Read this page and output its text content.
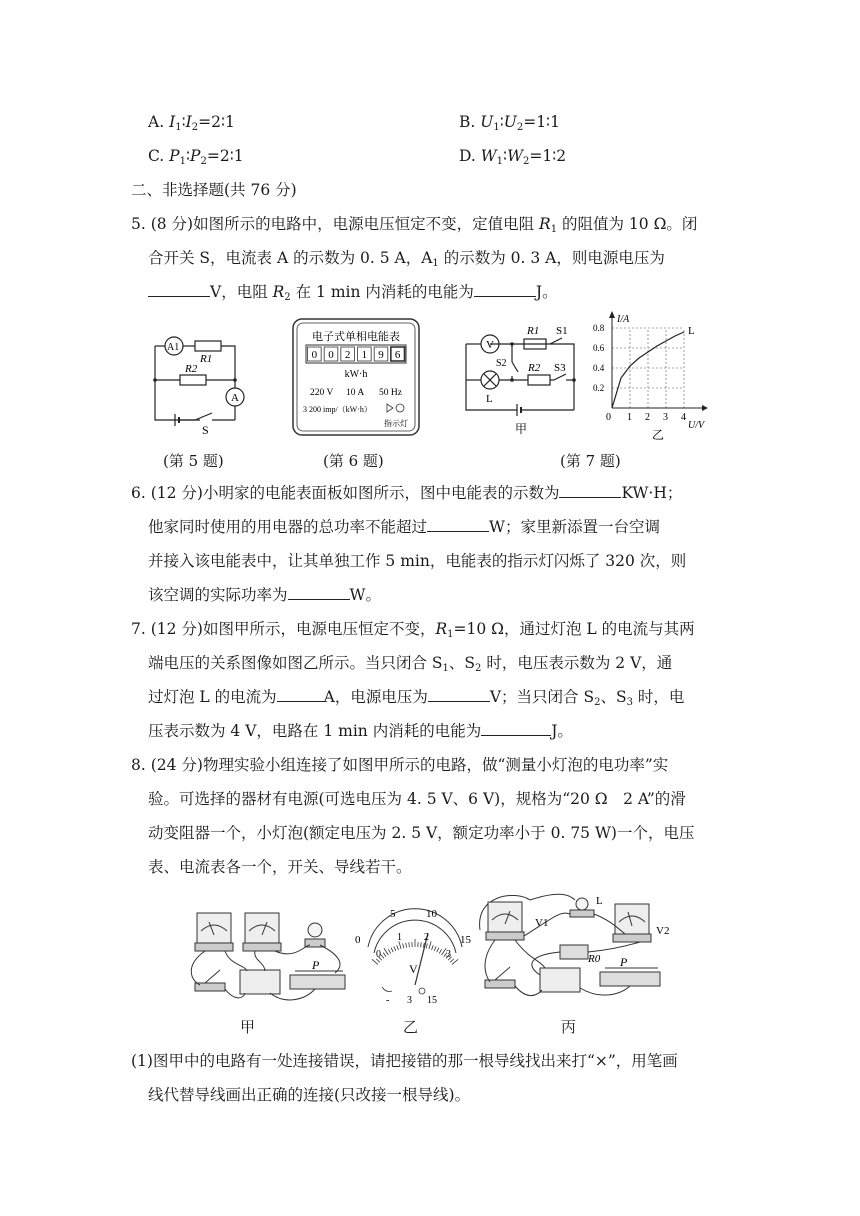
A. $I_1∶I_2=2∶1$	B. $U_1∶U_2=1∶1$
C. $P_1∶P_2=2∶1$	D. $W_1∶W_2=1∶2$
二、非选择题(共 76 分)
5. (8 分)如图所示的电路中，电源电压恒定不变，定值电阻 $R_1$ 的阻值为 10 Ω。闭
合开关 S，电流表 A 的示数为 0. 5 A，$A_1$ 的示数为 0. 3 A，则电源电压为
V，电阻 $R_2$ 在 1 min 内消耗的电能为	J。
A1
R1
R2
A
S
(第 5 题)
电子式单相电能表
0 0 2 1 9 6
kW·h
220 V 10 A 50 Hz
3 200 imp/（kW·h）
指示灯
(第 6 题)
V
R1 S1
S2 R2 S3
L
甲
I/A
U/V
0 1 2 3 4
0.2
0.4
0.6
0.8	L
乙
(第 7 题)
6. (12 分)小明家的电能表面板如图所示，图中电能表的示数为	KW·H；
他家同时使用的用电器的总功率不能超过	W；家里新添置一台空调
并接入该电能表中，让其单独工作 5 min，电能表的指示灯闪烁了 320 次，则
该空调的实际功率为	W。
7. (12 分)如图甲所示，电源电压恒定不变，$R_1=10$ Ω，通过灯泡 L 的电流与其两
端电压的关系图像如图乙所示。当只闭合 $S_1$、$S_2$ 时，电压表示数为 2 V，通
过灯泡 L 的电流为	A，电源电压为	V；当只闭合 $S_2$、$S_3$ 时，电
压表示数为 4 V，电路在 1 min 内消耗的电能为	J。
8. (24 分)物理实验小组连接了如图甲所示的电路，做“测量小灯泡的电功率”实
验。可选择的器材有电源(可选电压为 4. 5 V、6 V)，规格为“20 Ω　2 A”的滑
动变阻器一个，小灯泡(额定电压为 2. 5 V，额定功率小于 0. 75 W)一个，电压
表、电流表各一个，开关、导线若干。
P
甲
0
5	10
15
0
1 2
3
V
- 3 15
乙
V1
L
V2
R0 P
丙
(1)图甲中的电路有一处连接错误，请把接错的那一根导线找出来打“×”，用笔画
线代替导线画出正确的连接(只改接一根导线)。
